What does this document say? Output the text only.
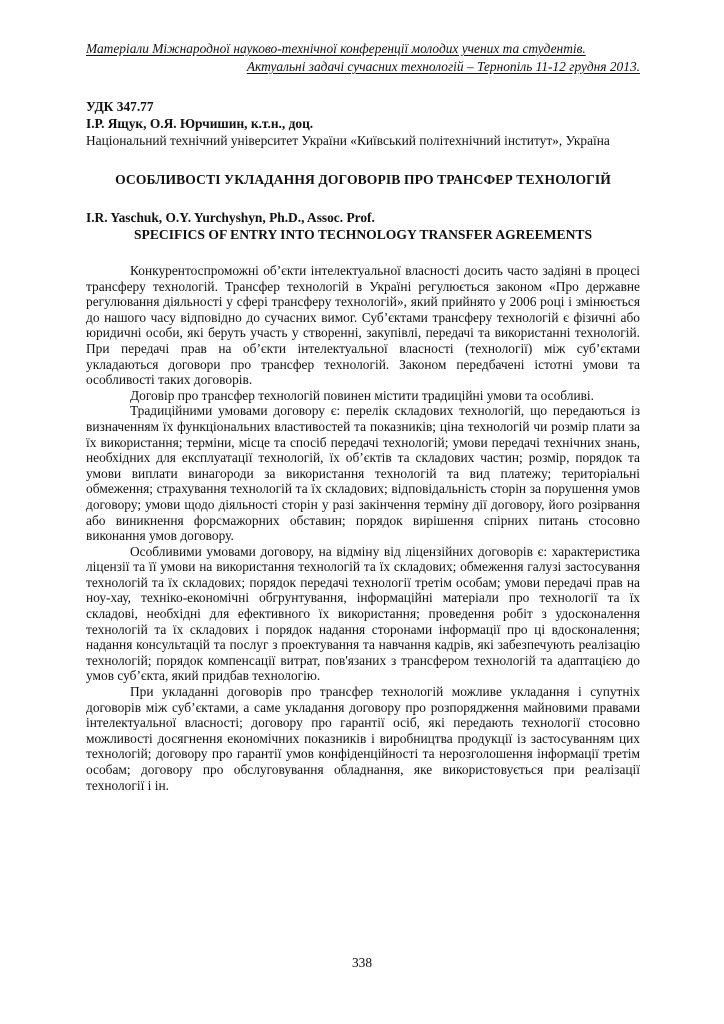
Матеріали Міжнародної науково-технічної конференції молодих учених та студентів.
Актуальні задачі сучасних технологій – Тернопіль 11-12 грудня 2013.
УДК 347.77
І.Р. Ящук, О.Я. Юрчишин, к.т.н., доц.
Національний технічний університет України «Київський політехнічний інститут», Україна
ОСОБЛИВОСТІ УКЛАДАННЯ ДОГОВОРІВ ПРО ТРАНСФЕР ТЕХНОЛОГІЙ
I.R. Yaschuk, O.Y. Yurchyshyn, Ph.D., Assoc. Prof.
SPECIFICS OF ENTRY INTO TECHNOLOGY TRANSFER AGREEMENTS

Конкурентоспроможні об’єкти інтелектуальної власності досить часто задіяні в процесі трансферу технологій. Трансфер технологій в Україні регулюється законом «Про державне регулювання діяльності у сфері трансферу технологій», який прийнято у 2006 році і змінюється до нашого часу відповідно до сучасних вимог. Суб’єктами трансферу технологій є фізичні або юридичні особи, які беруть участь у створенні, закупівлі, передачі та використанні технологій. При передачі прав на об’єкти інтелектуальної власності (технології) між суб’єктами укладаються договори про трансфер технологій. Законом передбачені істотні умови та особливості таких договорів.

Договір про трансфер технологій повинен містити традиційні умови та особливі.

Традиційними умовами договору є: перелік складових технологій, що передаються із визначенням їх функціональних властивостей та показників; ціна технологій чи розмір плати за їх використання; терміни, місце та спосіб передачі технологій; умови передачі технічних знань, необхідних для експлуатації технологій, їх об’єктів та складових частин; розмір, порядок та умови виплати винагороди за використання технологій та вид платежу; територіальні обмеження; страхування технологій та їх складових; відповідальність сторін за порушення умов договору; умови щодо діяльності сторін у разі закінчення терміну дії договору, його розірвання або виникнення форсмажорних обставин; порядок вирішення спірних питань стосовно виконання умов договору.

Особливими умовами договору, на відміну від ліцензійних договорів є: характеристика ліцензії та її умови на використання технологій та їх складових; обмеження галузі застосування технологій та їх складових; порядок передачі технології третім особам; умови передачі прав на ноу-хау, техніко-економічні обгрунтування, інформаційні матеріали про технології та їх складові, необхідні для ефективного їх використання; проведення робіт з удосконалення технологій та їх складових і порядок надання сторонами інформації про ці вдосконалення; надання консультацій та послуг з проектування та навчання кадрів, які забезпечують реалізацію технологій; порядок компенсації витрат, пов'язаних з трансфером технологій та адаптацією до умов суб’єкта, який придбав технологію.

При укладанні договорів про трансфер технологій можливе укладання і супутніх договорів між суб’єктами, а саме укладання договору про розпорядження майновими правами інтелектуальної власності; договору про гарантії осіб, які передають технології стосовно можливості досягнення економічних показників і виробництва продукції із застосуванням цих технологій; договору про гарантії умов конфіденційності та нерозголошення інформації третім особам; договору про обслуговування обладнання, яке використовується при реалізації технології і ін.

338
